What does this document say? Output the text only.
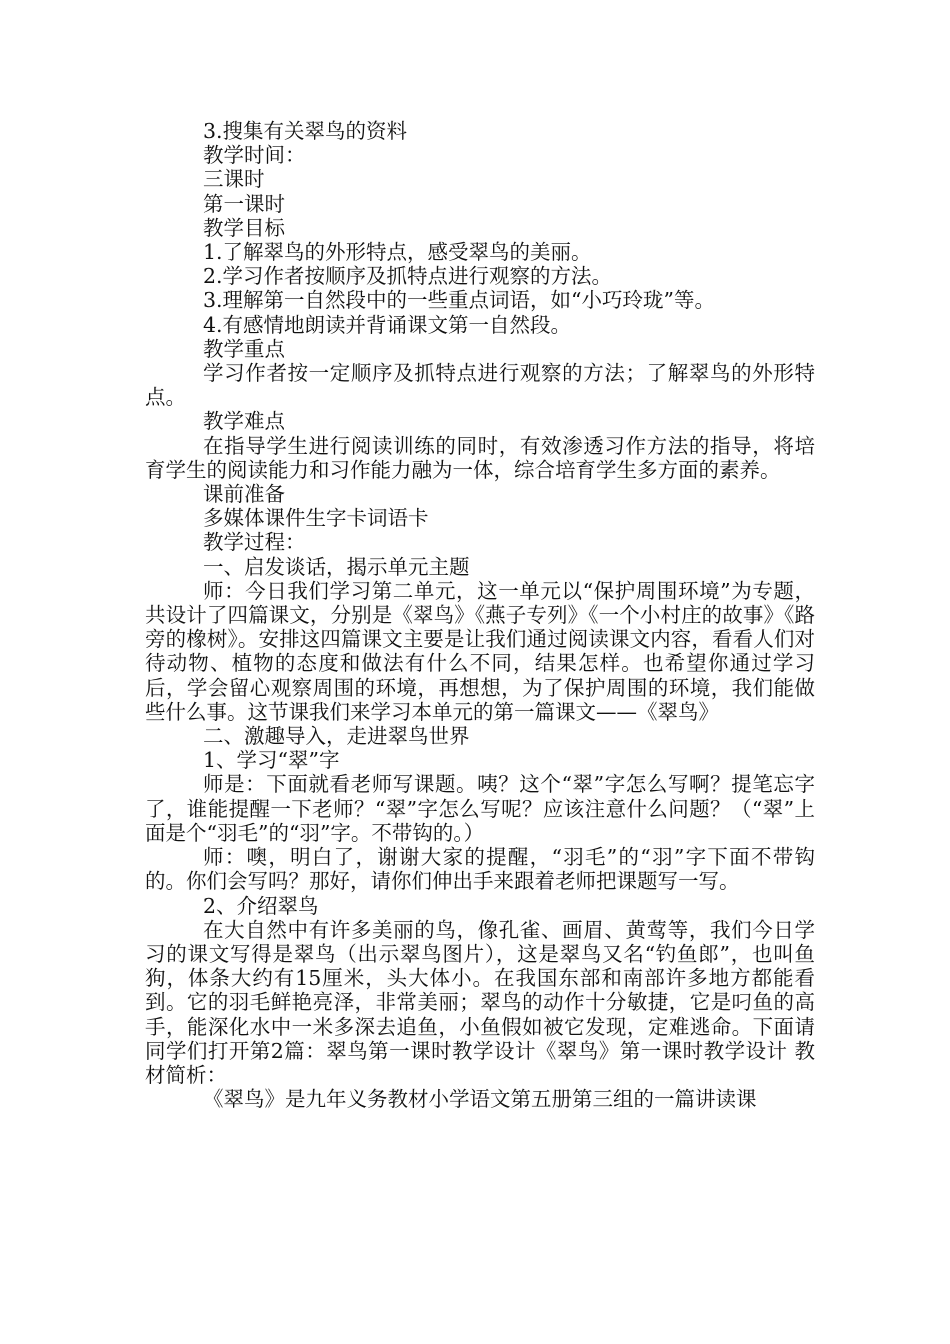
3.搜集有关翠鸟的资料

教学时间：

三课时

第一课时

教学目标

1.了解翠鸟的外形特点，感受翠鸟的美丽。

2.学习作者按顺序及抓特点进行观察的方法。

3.理解第一自然段中的一些重点词语，如“小巧玲珑”等。

4.有感情地朗读并背诵课文第一自然段。

教学重点

学习作者按一定顺序及抓特点进行观察的方法；了解翠鸟的外形特点。

教学难点

在指导学生进行阅读训练的同时，有效渗透习作方法的指导，将培育学生的阅读能力和习作能力融为一体，综合培育学生多方面的素养。

课前准备

多媒体课件生字卡词语卡

教学过程：

一、启发谈话，揭示单元主题

师：今日我们学习第二单元，这一单元以“保护周围环境”为专题，共设计了四篇课文，分别是《翠鸟》《燕子专列》《一个小村庄的故事》《路旁的橡树》。安排这四篇课文主要是让我们通过阅读课文内容，看看人们对待动物、植物的态度和做法有什么不同，结果怎样。也希望你通过学习后，学会留心观察周围的环境，再想想，为了保护周围的环境，我们能做些什么事。这节课我们来学习本单元的第一篇课文——《翠鸟》

二、激趣导入，走进翠鸟世界

1、学习“翠”字

师是：下面就看老师写课题。咦？这个“翠”字怎么写啊？提笔忘字了，谁能提醒一下老师？“翠”字怎么写呢？应该注意什么问题？（“翠”上面是个“羽毛”的“羽”字。不带钩的。）

师：噢，明白了，谢谢大家的提醒，“羽毛”的“羽”字下面不带钩的。你们会写吗？那好，请你们伸出手来跟着老师把课题写一写。

2、介绍翠鸟

在大自然中有许多美丽的鸟，像孔雀、画眉、黄莺等，我们今日学习的课文写得是翠鸟（出示翠鸟图片），这是翠鸟又名“钓鱼郎”，也叫鱼狗，体条大约有15厘米，头大体小。在我国东部和南部许多地方都能看到。它的羽毛鲜艳亮泽，非常美丽；翠鸟的动作十分敏捷，它是叼鱼的高手，能深化水中一米多深去追鱼，小鱼假如被它发现，定难逃命。下面请同学们打开第2篇：翠鸟第一课时教学设计《翠鸟》第一课时教学设计 教材简析：

《翠鸟》是九年义务教材小学语文第五册第三组的一篇讲读课
